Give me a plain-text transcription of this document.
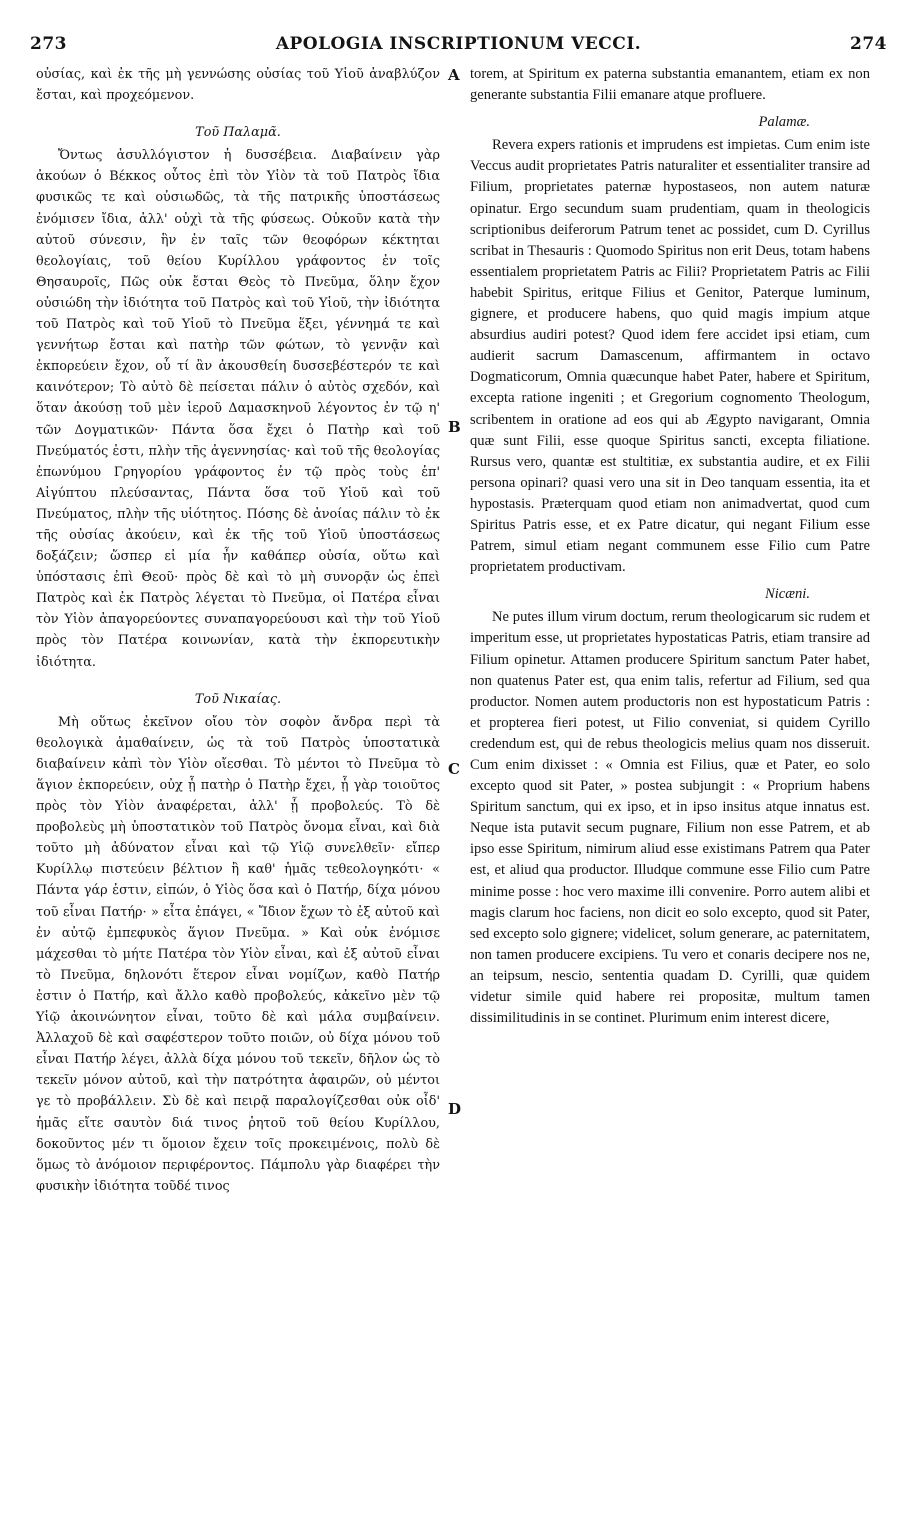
273	APOLOGIA INSCRIPTIONUM VECCI.	274
A
B
C
D

οὐσίας, καὶ ἐκ τῆς μὴ γεννώσης οὐσίας τοῦ Υἱοῦ ἀναβλύζον ἔσται, καὶ προχεόμενον.

Τοῦ Παλαμᾶ.

Ὄντως ἀσυλλόγιστον ἡ δυσσέβεια. Διαβαίνειν γὰρ ἀκούων ὁ Βέκκος οὗτος ἐπὶ τὸν Υἱὸν τὰ τοῦ Πατρὸς ἴδια φυσικῶς τε καὶ οὐσιωδῶς, τὰ τῆς πατρικῆς ὑποστάσεως ἐνόμισεν ἴδια, ἀλλ' οὐχὶ τὰ τῆς φύσεως. Οὐκοῦν κατὰ τὴν αὐτοῦ σύνεσιν, ἣν ἐν ταῖς τῶν θεοφόρων κέκτηται θεολογίαις, τοῦ θείου Κυρίλλου γράφοντος ἐν τοῖς Θησαυροῖς, Πῶς οὐκ ἔσται Θεὸς τὸ Πνεῦμα, ὅλην ἔχον οὐσιώδη τὴν ἰδιότητα τοῦ Πατρὸς καὶ τοῦ Υἱοῦ, τὴν ἰδιότητα τοῦ Πατρὸς καὶ τοῦ Υἱοῦ τὸ Πνεῦμα ἕξει, γέννημά τε καὶ γεννήτωρ ἔσται καὶ πατὴρ τῶν φώτων, τὸ γεννᾷν καὶ ἐκπορεύειν ἔχον, οὗ τί ἂν ἀκουσθείη δυσσεβέστερόν τε καὶ καινότερον; Τὸ αὐτὸ δὲ πείσεται πάλιν ὁ αὐτὸς σχεδόν, καὶ ὅταν ἀκούσῃ τοῦ μὲν ἱεροῦ Δαμασκηνοῦ λέγοντος ἐν τῷ η' τῶν Δογματικῶν· Πάντα ὅσα ἔχει ὁ Πατὴρ καὶ τοῦ Πνεύματός ἐστι, πλὴν τῆς ἀγεννησίας· καὶ τοῦ τῆς θεολογίας ἐπωνύμου Γρηγορίου γράφοντος ἐν τῷ πρὸς τοὺς ἐπ' Αἰγύπτου πλεύσαντας, Πάντα ὅσα τοῦ Υἱοῦ καὶ τοῦ Πνεύματος, πλὴν τῆς υἱότητος. Πόσης δὲ ἀνοίας πάλιν τὸ ἐκ τῆς οὐσίας ἀκούειν, καὶ ἐκ τῆς τοῦ Υἱοῦ ὑποστάσεως δοξάζειν; ὥσπερ εἰ μία ἦν καθάπερ οὐσία, οὕτω καὶ ὑπόστασις ἐπὶ Θεοῦ· πρὸς δὲ καὶ τὸ μὴ συνορᾷν ὡς ἐπεὶ Πατρὸς καὶ ἐκ Πατρὸς λέγεται τὸ Πνεῦμα, οἱ Πατέρα εἶναι τὸν Υἱὸν ἀπαγορεύοντες συναπαγορεύουσι καὶ τὴν τοῦ Υἱοῦ πρὸς τὸν Πατέρα κοινωνίαν, κατὰ τὴν ἐκπορευτικὴν ἰδιότητα.

Τοῦ Νικαίας.

Μὴ οὕτως ἐκεῖνον οἴου τὸν σοφὸν ἄνδρα περὶ τὰ θεολογικὰ ἀμαθαίνειν, ὡς τὰ τοῦ Πατρὸς ὑποστατικὰ διαβαίνειν κἀπὶ τὸν Υἱὸν οἴεσθαι. Τὸ μέντοι τὸ Πνεῦμα τὸ ἅγιον ἐκπορεύειν, οὐχ ᾗ πατὴρ ὁ Πατὴρ ἔχει, ᾗ γὰρ τοιοῦτος πρὸς τὸν Υἱὸν ἀναφέρεται, ἀλλ' ᾗ προβολεύς. Τὸ δὲ προβολεὺς μὴ ὑποστατικὸν τοῦ Πατρὸς ὄνομα εἶναι, καὶ διὰ τοῦτο μὴ ἀδύνατον εἶναι καὶ τῷ Υἱῷ συνελθεῖν· εἴπερ Κυρίλλῳ πιστεύειν βέλτιον ἢ καθ' ἡμᾶς τεθεολογηκότι· « Πάντα γάρ ἐστιν, εἰπών, ὁ Υἱὸς ὅσα καὶ ὁ Πατήρ, δίχα μόνου τοῦ εἶναι Πατήρ· » εἶτα ἐπάγει, « Ἴδιον ἔχων τὸ ἐξ αὐτοῦ καὶ ἐν αὐτῷ ἐμπεφυκὸς ἅγιον Πνεῦμα. » Καὶ οὐκ ἐνόμισε μάχεσθαι τὸ μήτε Πατέρα τὸν Υἱὸν εἶναι, καὶ ἐξ αὐτοῦ εἶναι τὸ Πνεῦμα, δηλονότι ἕτερον εἶναι νομίζων, καθὸ Πατήρ ἐστιν ὁ Πατήρ, καὶ ἄλλο καθὸ προβολεύς, κἀκεῖνο μὲν τῷ Υἱῷ ἀκοινώνητον εἶναι, τοῦτο δὲ καὶ μάλα συμβαίνειν. Ἀλλαχοῦ δὲ καὶ σαφέστερον τοῦτο ποιῶν, οὐ δίχα μόνου τοῦ εἶναι Πατήρ λέγει, ἀλλὰ δίχα μόνου τοῦ τεκεῖν, δῆλον ὡς τὸ τεκεῖν μόνον αὐτοῦ, καὶ τὴν πατρότητα ἀφαιρῶν, οὐ μέντοι γε τὸ προβάλλειν. Σὺ δὲ καὶ πειρᾷ παραλογίζεσθαι οὐκ οἶδ' ἡμᾶς εἴτε σαυτὸν διά τινος ῥητοῦ τοῦ θείου Κυρίλλου, δοκοῦντος μέν τι ὅμοιον ἔχειν τοῖς προκειμένοις, πολὺ δὲ ὅμως τὸ ἀνόμοιον περιφέροντος. Πάμπολυ γὰρ διαφέρει τὴν φυσικὴν ἰδιότητα τοῦδέ τινος

torem, at Spiritum ex paterna substantia emanantem, etiam ex non generante substantia Filii emanare atque profluere.

Palamæ.

Revera expers rationis et imprudens est impietas. Cum enim iste Veccus audit proprietates Patris naturaliter et essentialiter transire ad Filium, proprietates paternæ hypostaseos, non autem naturæ opinatur. Ergo secundum suam prudentiam, quam in theologicis scriptionibus deiferorum Patrum tenet ac possidet, cum D. Cyrillus scribat in Thesauris : Quomodo Spiritus non erit Deus, totam habens essentialem proprietatem Patris ac Filii? Proprietatem Patris ac Filii habebit Spiritus, eritque Filius et Genitor, Paterque luminum, gignere, et producere habens, quo quid magis impium atque absurdius audiri potest? Quod idem fere accidet ipsi etiam, cum audierit sacrum Damascenum, affirmantem in octavo Dogmaticorum, Omnia quæcunque habet Pater, habere et Spiritum, excepta ratione ingeniti ; et Gregorium cognomento Theologum, scribentem in oratione ad eos qui ab Ægypto navigarant, Omnia quæ sunt Filii, esse quoque Spiritus sancti, excepta filiatione. Rursus vero, quantæ est stultitiæ, ex substantia audire, et ex Filii persona opinari? quasi vero una sit in Deo tanquam essentia, ita et hypostasis. Præterquam quod etiam non animadvertat, quod cum Spiritus Patris esse, et ex Patre dicatur, qui negant Filium esse Patrem, simul etiam negant communem esse Filio cum Patre proprietatem productivam.

Nicæni.

Ne putes illum virum doctum, rerum theologicarum sic rudem et imperitum esse, ut proprietates hypostaticas Patris, etiam transire ad Filium opinetur. Attamen producere Spiritum sanctum Pater habet, non quatenus Pater est, qua enim talis, refertur ad Filium, sed qua productor. Nomen autem productoris non est hypostaticum Patris : et propterea fieri potest, ut Filio conveniat, si quidem Cyrillo credendum est, qui de rebus theologicis melius quam nos disseruit. Cum enim dixisset : « Omnia est Filius, quæ et Pater, eo solo excepto quod sit Pater, » postea subjungit : « Proprium habens Spiritum sanctum, qui ex ipso, et in ipso insitus atque innatus est. Neque ista putavit secum pugnare, Filium non esse Patrem, et ab ipso esse Spiritum, nimirum aliud esse existimans Patrem qua Pater est, et aliud qua productor. Illudque commune esse Filio cum Patre minime posse : hoc vero maxime illi convenire. Porro autem alibi et magis clarum hoc faciens, non dicit eo solo excepto, quod sit Pater, sed excepto solo gignere; videlicet, solum generare, ac paternitatem, non tamen producere excipiens. Tu vero et conaris decipere nos ne, an teipsum, nescio, sententia quadam D. Cyrilli, quæ quidem videtur simile quid habere rei propositæ, multum tamen dissimilitudinis in se continet. Plurimum enim interest dicere,
